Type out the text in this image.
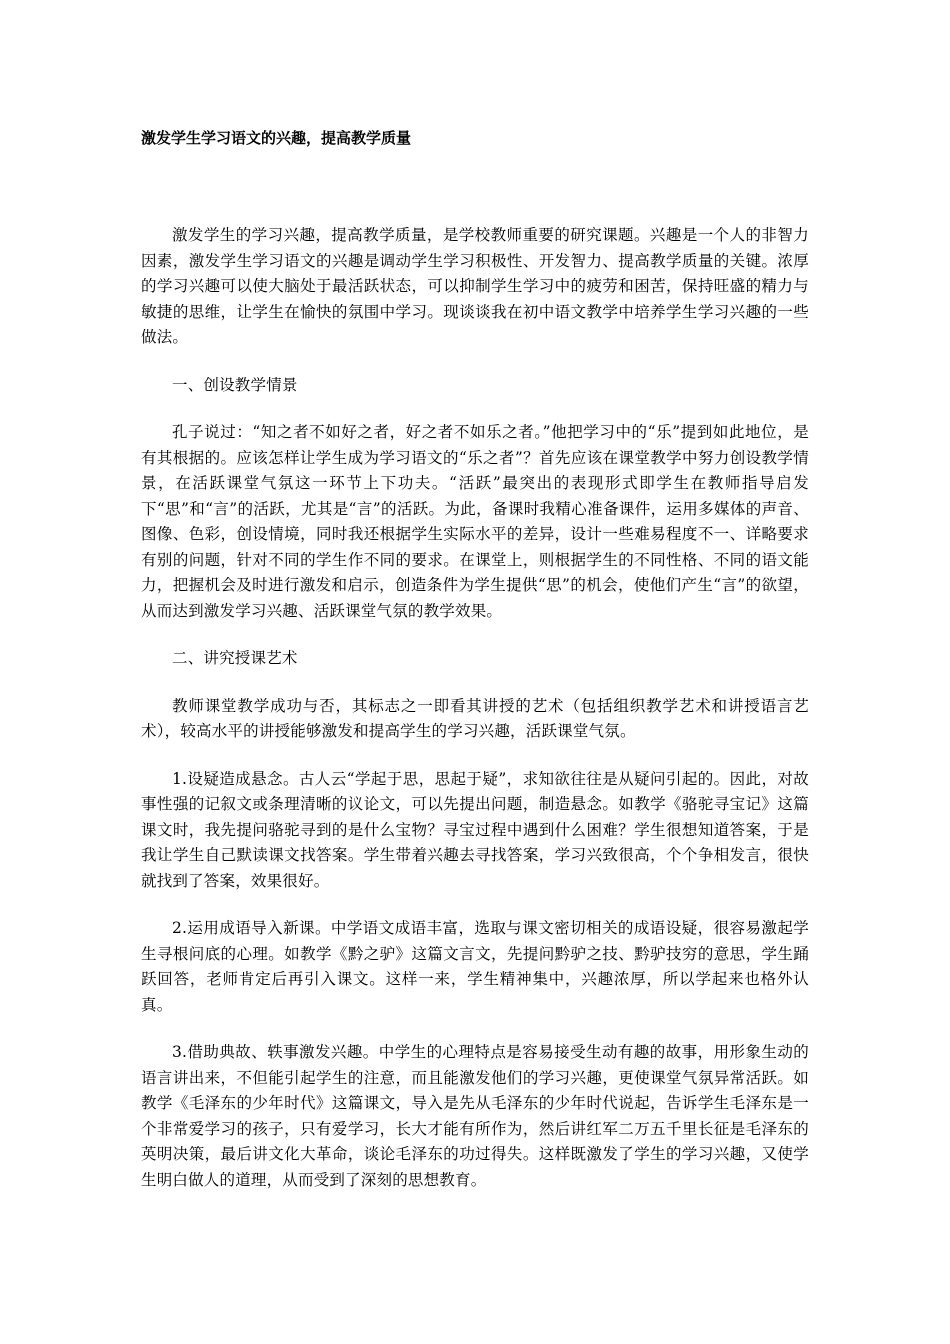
激发学生学习语文的兴趣，提高教学质量

激发学生的学习兴趣，提高教学质量，是学校教师重要的研究课题。兴趣是一个人的非智力因素，激发学生学习语文的兴趣是调动学生学习积极性、开发智力、提高教学质量的关键。浓厚的学习兴趣可以使大脑处于最活跃状态，可以抑制学生学习中的疲劳和困苦，保持旺盛的精力与敏捷的思维，让学生在愉快的氛围中学习。现谈谈我在初中语文教学中培养学生学习兴趣的一些做法。

一、创设教学情景

孔子说过：“知之者不如好之者，好之者不如乐之者。”他把学习中的“乐”提到如此地位，是有其根据的。应该怎样让学生成为学习语文的“乐之者”？首先应该在课堂教学中努力创设教学情景，在活跃课堂气氛这一环节上下功夫。“活跃”最突出的表现形式即学生在教师指导启发下“思”和“言”的活跃，尤其是“言”的活跃。为此，备课时我精心准备课件，运用多媒体的声音、图像、色彩，创设情境，同时我还根据学生实际水平的差异，设计一些难易程度不一、详略要求有别的问题，针对不同的学生作不同的要求。在课堂上，则根据学生的不同性格、不同的语文能力，把握机会及时进行激发和启示，创造条件为学生提供“思”的机会，使他们产生“言”的欲望，从而达到激发学习兴趣、活跃课堂气氛的教学效果。

二、讲究授课艺术

教师课堂教学成功与否，其标志之一即看其讲授的艺术（包括组织教学艺术和讲授语言艺术），较高水平的讲授能够激发和提高学生的学习兴趣，活跃课堂气氛。

1.设疑造成悬念。古人云“学起于思，思起于疑”，求知欲往往是从疑问引起的。因此，对故事性强的记叙文或条理清晰的议论文，可以先提出问题，制造悬念。如教学《骆驼寻宝记》这篇课文时，我先提问骆驼寻到的是什么宝物？寻宝过程中遇到什么困难？学生很想知道答案，于是我让学生自己默读课文找答案。学生带着兴趣去寻找答案，学习兴致很高，个个争相发言，很快就找到了答案，效果很好。

2.运用成语导入新课。中学语文成语丰富，选取与课文密切相关的成语设疑，很容易激起学生寻根问底的心理。如教学《黔之驴》这篇文言文，先提问黔驴之技、黔驴技穷的意思，学生踊跃回答，老师肯定后再引入课文。这样一来，学生精神集中，兴趣浓厚，所以学起来也格外认真。

3.借助典故、轶事激发兴趣。中学生的心理特点是容易接受生动有趣的故事，用形象生动的语言讲出来，不但能引起学生的注意，而且能激发他们的学习兴趣，更使课堂气氛异常活跃。如教学《毛泽东的少年时代》这篇课文，导入是先从毛泽东的少年时代说起，告诉学生毛泽东是一个非常爱学习的孩子，只有爱学习，长大才能有所作为，然后讲红军二万五千里长征是毛泽东的英明决策，最后讲文化大革命，谈论毛泽东的功过得失。这样既激发了学生的学习兴趣，又使学生明白做人的道理，从而受到了深刻的思想教育。
